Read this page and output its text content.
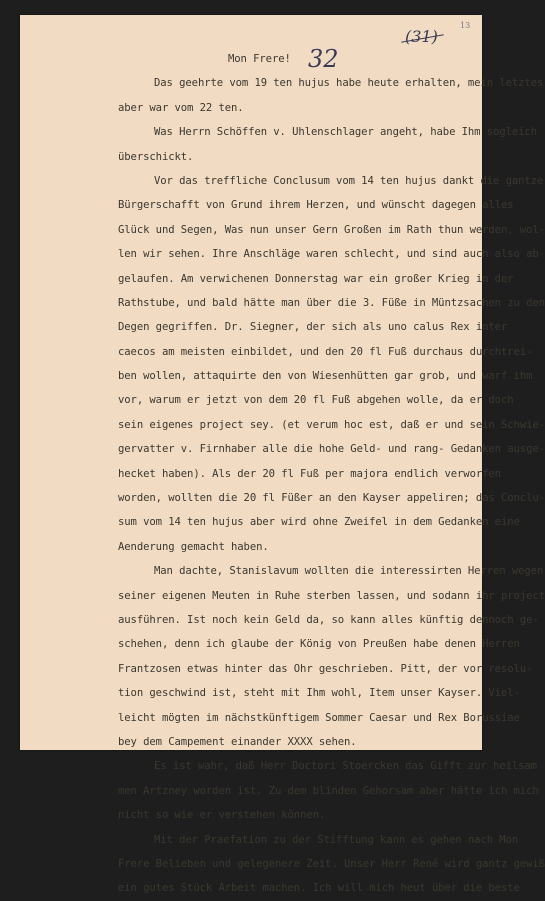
32
(31)
13
Mon Frere!
Das geehrte vom 19 ten hujus habe heute erhalten, mein letztes
aber war vom 22 ten.
Was Herrn Schöffen v. Uhlenschlager angeht, habe Ihm sogleich
überschickt.
Vor das treffliche Conclusum vom 14 ten hujus dankt die gantze
Bürgerschafft von Grund ihrem Herzen, und wünscht dagegen alles
Glück und Segen, Was nun unser Gern Großen im Rath thun werden, wol-
len wir sehen. Ihre Anschläge waren schlecht, und sind auch also ab-
gelaufen. Am verwichenen Donnerstag war ein großer Krieg in der
Rathstube, und bald hätte man über die 3. Füße in Müntzsachen zu den
Degen gegriffen. Dr. Siegner, der sich als uno calus Rex inter
caecos am meisten einbildet, und den 20 fl Fuß durchaus durchtrei-
ben wollen, attaquirte den von Wiesenhütten gar grob, und warf ihm
vor, warum er jetzt von dem 20 fl Fuß abgehen wolle, da er doch
sein eigenes project sey. (et verum hoc est, daß er und sein Schwie-
gervatter v. Firnhaber alle die hohe Geld- und rang- Gedanken ausge-
hecket haben). Als der 20 fl Fuß per majora endlich verworfen
worden, wollten die 20 fl Füßer an den Kayser appeliren; das Conclu-
sum vom 14 ten hujus aber wird ohne Zweifel in dem Gedanken eine
Aenderung gemacht haben.
Man dachte, Stanislavum wollten die interessirten Herren wegen
seiner eigenen Meuten in Ruhe sterben lassen, und sodann ihr project
ausführen. Ist noch kein Geld da, so kann alles künftig dennoch ge-
schehen, denn ich glaube der König von Preußen habe denen Herren
Frantzosen etwas hinter das Ohr geschrieben. Pitt, der vor resolu-
tion geschwind ist, steht mit Ihm wohl, Item unser Kayser. Viel-
leicht mögten im nächstkünftigem Sommer Caesar und Rex Borussiae
bey dem Campement einander XXXX sehen.
Es ist wahr, daß Herr Doctori Stoercken das Gifft zur heilsam
men Artzney worden ist. Zu dem blinden Gehorsam aber hätte ich mich
nicht so wie er verstehen können.
Mit der Praefation zu der Stifftung kann es gehen nach Mon
Frere Belieben und gelegenere Zeit. Unser Herr René wird gantz gewiß
ein gutes Stück Arbeit machen. Ich will mich heut über die beste
